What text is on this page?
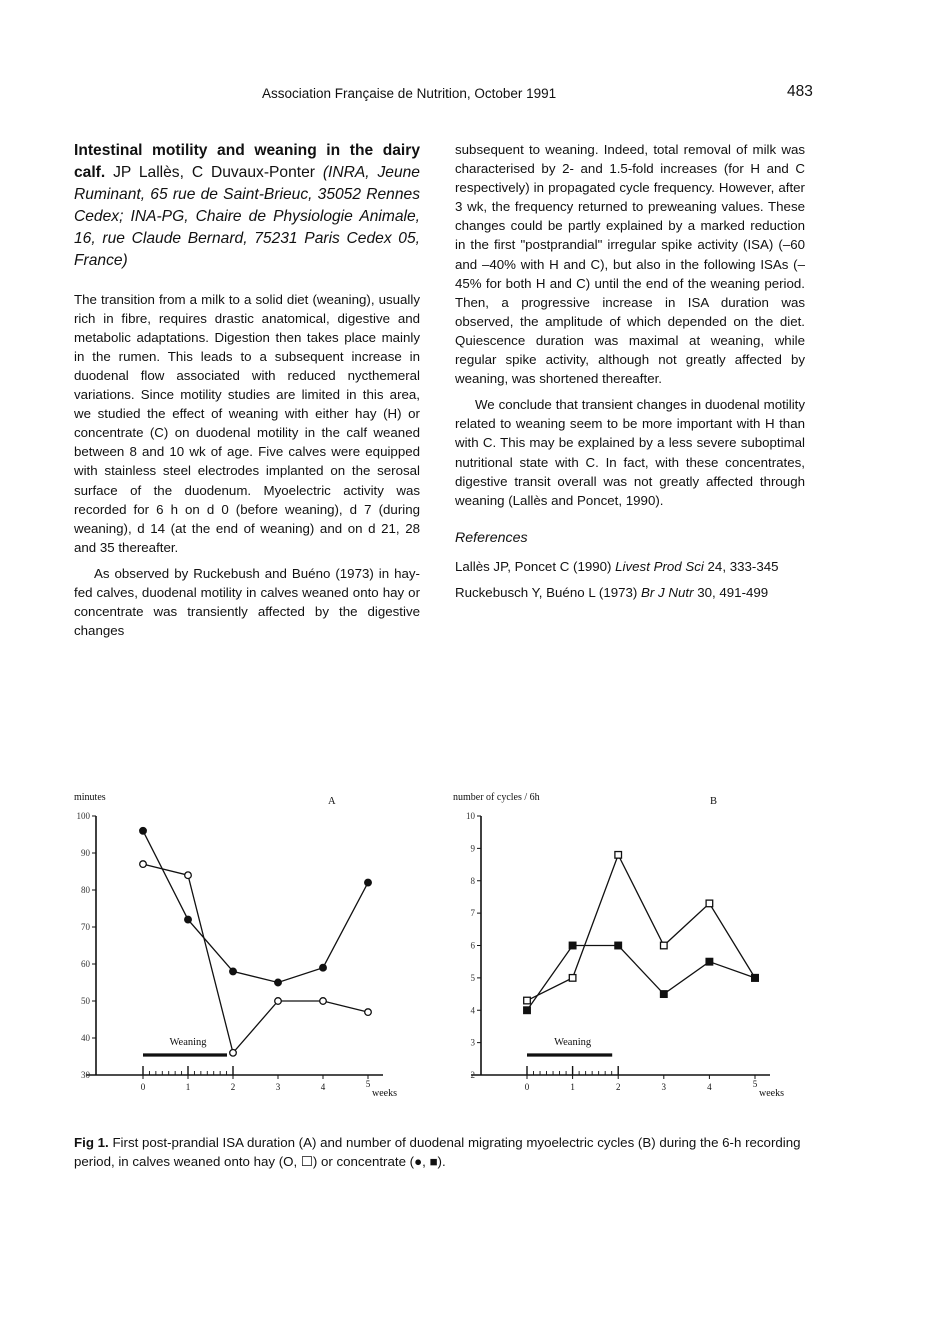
Association Française de Nutrition, October 1991	483

Intestinal motility and weaning in the dairy calf. JP Lallès, C Duvaux-Ponter (INRA, Jeune Ruminant, 65 rue de Saint-Brieuc, 35052 Rennes Cedex; INA-PG, Chaire de Physiologie Animale, 16, rue Claude Bernard, 75231 Paris Cedex 05, France)

The transition from a milk to a solid diet (weaning), usually rich in fibre, requires drastic anatomical, digestive and metabolic adaptations. Digestion then takes place mainly in the rumen. This leads to a subsequent increase in duodenal flow associated with reduced nycthemeral variations. Since motility studies are limited in this area, we studied the effect of weaning with either hay (H) or concentrate (C) on duodenal motility in the calf weaned between 8 and 10 wk of age. Five calves were equipped with stainless steel electrodes implanted on the serosal surface of the duodenum. Myoelectric activity was recorded for 6 h on d 0 (before weaning), d 7 (during weaning), d 14 (at the end of weaning) and on d 21, 28 and 35 thereafter.

As observed by Ruckebush and Buéno (1973) in hay-fed calves, duodenal motility in calves weaned onto hay or concentrate was transiently affected by the digestive changes

subsequent to weaning. Indeed, total removal of milk was characterised by 2- and 1.5-fold increases (for H and C respectively) in propagated cycle frequency. However, after 3 wk, the frequency returned to preweaning values. These changes could be partly explained by a marked reduction in the first "postprandial" irregular spike activity (ISA) (–60 and –40% with H and C), but also in the following ISAs (–45% for both H and C) until the end of the weaning period. Then, a progressive increase in ISA duration was observed, the amplitude of which depended on the diet. Quiescence duration was maximal at weaning, while regular spike activity, although not greatly affected by weaning, was shortened thereafter.

We conclude that transient changes in duodenal motility related to weaning seem to be more important with H than with C. This may be explained by a less severe suboptimal nutritional state with C. In fact, with these concentrates, digestive transit overall was not greatly affected through weaning (Lallès and Poncet, 1990).

References

Lallès JP, Poncet C (1990) Livest Prod Sci 24, 333-345

Ruckebusch Y, Buéno L (1973) Br J Nutr 30, 491-499

30
40
50
60
70
80
90
100
minutes	A
0	1	2	3	4	5
weeks
Weaning
2
3
4
5
6
7
8
9
10
number of cycles / 6h	B
0	1	2	3	4	5
weeks
Weaning
Fig 1. First post-prandial ISA duration (A) and number of duodenal migrating myoelectric cycles (B) during the 6-h recording period, in calves weaned onto hay (O, ☐) or concentrate (●, ■).
